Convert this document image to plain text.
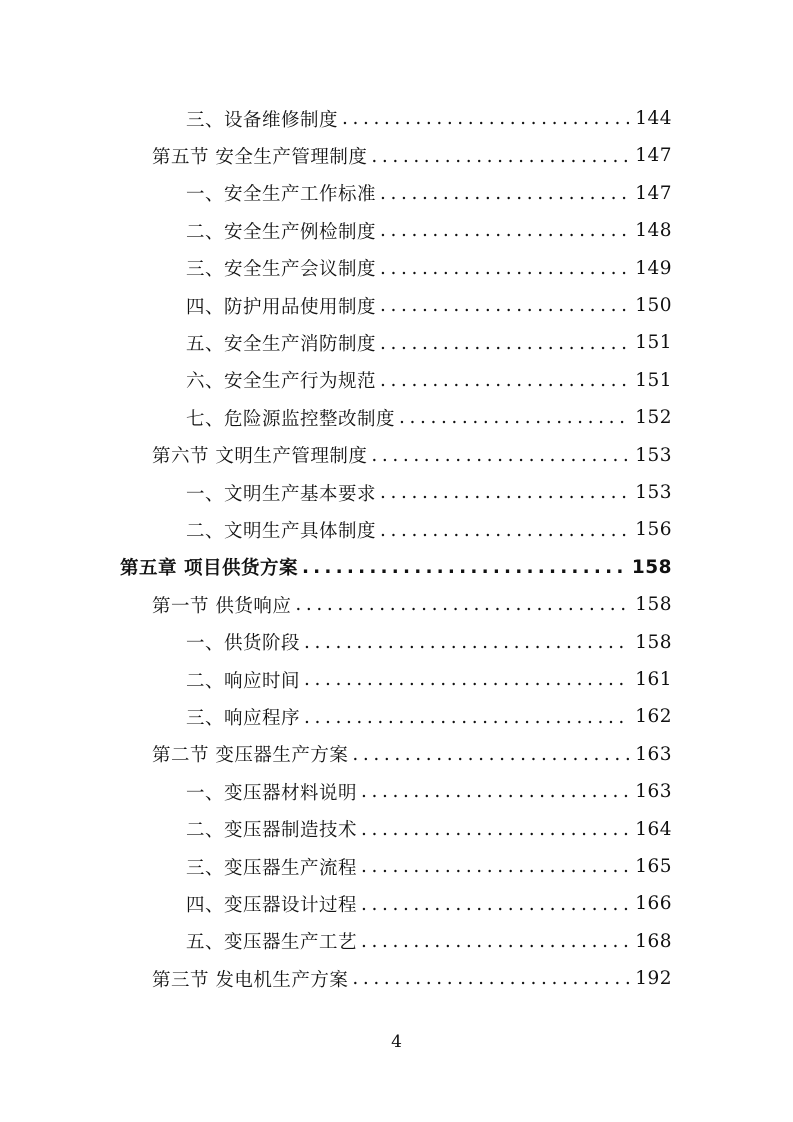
三、设备维修制度 .....	144
第五节 安全生产管理制度 .....	147
一、安全生产工作标准 .....	147
二、安全生产例检制度 .....	148
三、安全生产会议制度 .....	149
四、防护用品使用制度 .....	150
五、安全生产消防制度 .....	151
六、安全生产行为规范 .....	151
七、危险源监控整改制度 .....	152
第六节 文明生产管理制度 .....	153
一、文明生产基本要求 .....	153
二、文明生产具体制度 .....	156
第五章 项目供货方案 .....	158
第一节 供货响应 .....	158
一、供货阶段 .....	158
二、响应时间 .....	161
三、响应程序 .....	162
第二节 变压器生产方案 .....	163
一、变压器材料说明 .....	163
二、变压器制造技术 .....	164
三、变压器生产流程 .....	165
四、变压器设计过程 .....	166
五、变压器生产工艺 .....	168
第三节 发电机生产方案 .....	192
4
